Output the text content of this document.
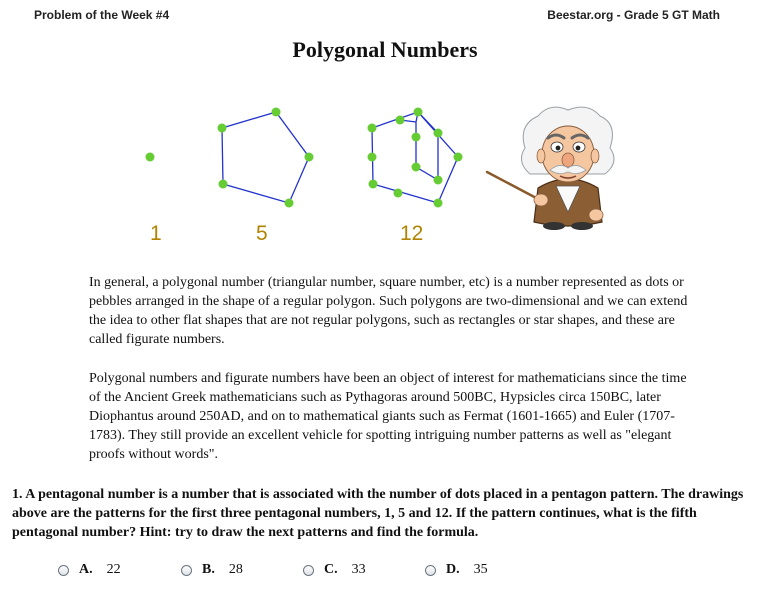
Problem of the Week #4	Beestar.org - Grade 5 GT Math
Polygonal Numbers
1	5	12

In general, a polygonal number (triangular number, square number, etc) is a number represented as dots or pebbles arranged in the shape of a regular polygon. Such polygons are two-dimensional and we can extend the idea to other flat shapes that are not regular polygons, such as rectangles or star shapes, and these are called figurate numbers.

Polygonal numbers and figurate numbers have been an object of interest for mathematicians since the time of the Ancient Greek mathematicians such as Pythagoras around 500BC, Hypsicles circa 150BC, later Diophantus around 250AD, and on to mathematical giants such as Fermat (1601-1665) and Euler (1707-1783). They still provide an excellent vehicle for spotting intriguing number patterns as well as "elegant proofs without words".

1. A pentagonal number is a number that is associated with the number of dots placed in a pentagon pattern. The drawings above are the patterns for the first three pentagonal numbers, 1, 5 and 12. If the pattern continues, what is the fifth pentagonal number? Hint: try to draw the next patterns and find the formula.

A. 22	B. 28	C. 33	D. 35
